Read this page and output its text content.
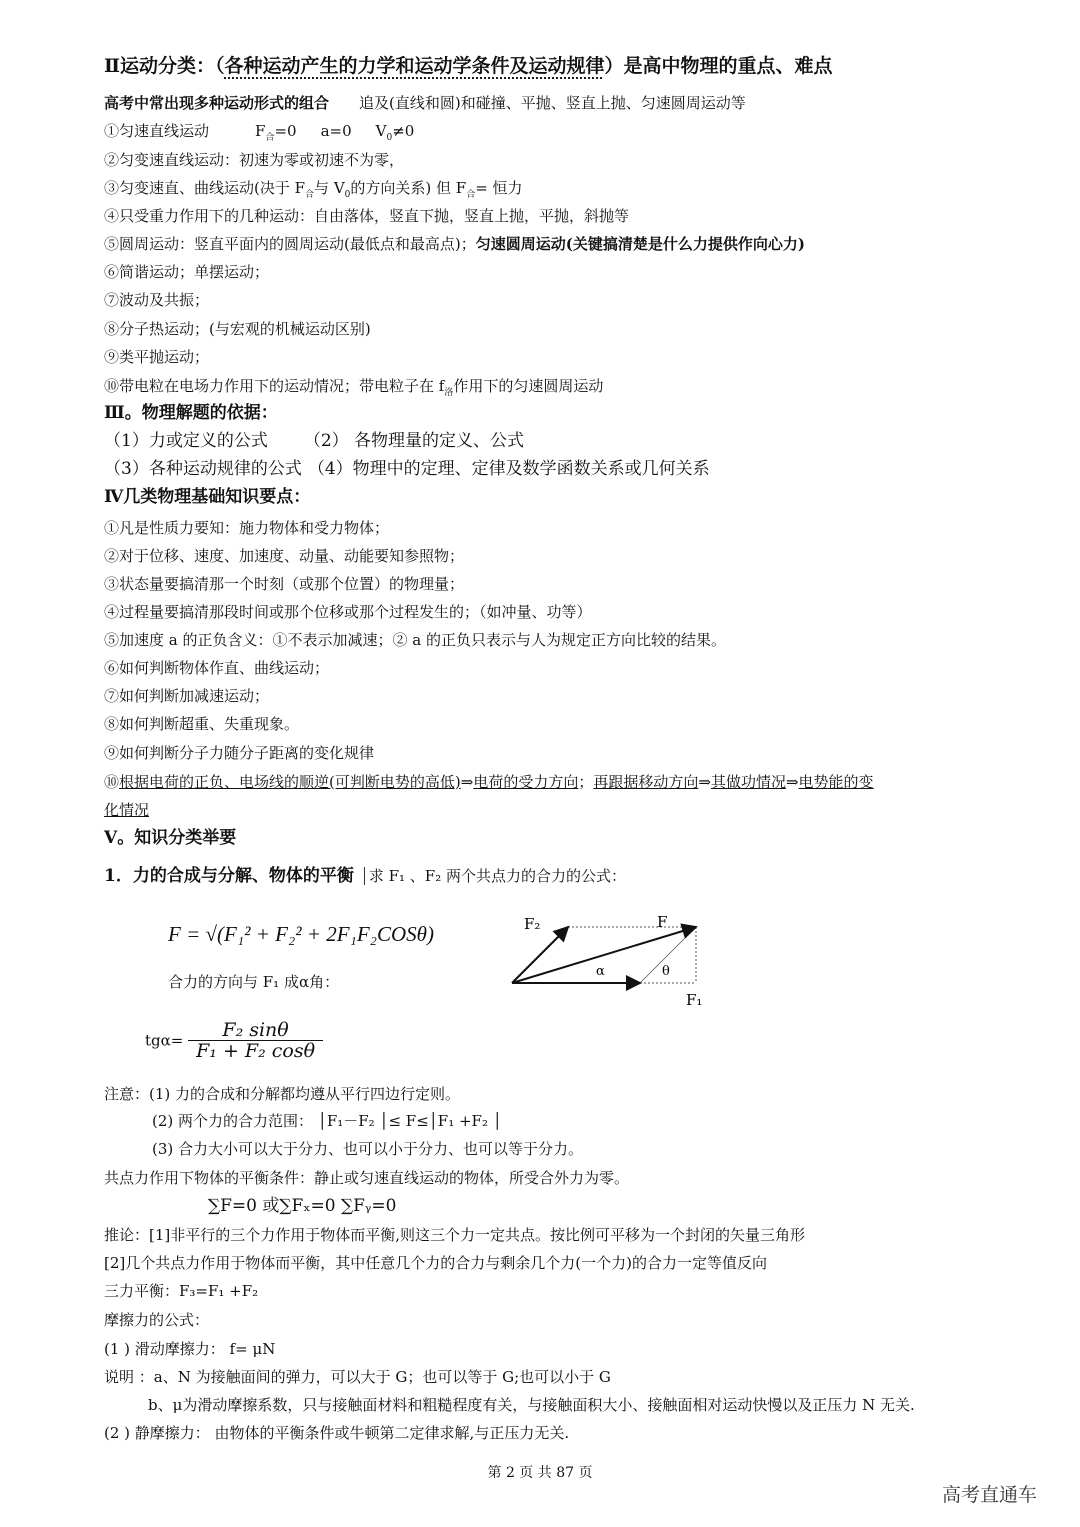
Ⅱ运动分类：（各种运动产生的力学和运动学条件及运动规律）是高中物理的重点、难点
高考中常出现多种运动形式的组合 追及(直线和圆)和碰撞、平抛、竖直上抛、匀速圆周运动等
①匀速直线运动	$F_合=0$ a=0 $V_0\ne 0$
②匀变速直线运动：初速为零或初速不为零，
③匀变速直、曲线运动(决于 $F_合$与 $V_0$的方向关系) 但 $F_合=$ 恒力
④只受重力作用下的几种运动：自由落体，竖直下抛，竖直上抛，平抛，斜抛等
⑤圆周运动：竖直平面内的圆周运动(最低点和最高点)；匀速圆周运动(关键搞清楚是什么力提供作向心力)
⑥简谐运动；单摆运动；
⑦波动及共振；
⑧分子热运动；(与宏观的机械运动区别)
⑨类平抛运动；
⑩带电粒在电场力作用下的运动情况；带电粒子在 $f_洛$作用下的匀速圆周运动
Ⅲ。物理解题的依据：
（1）力或定义的公式 （2） 各物理量的定义、公式
（3）各种运动规律的公式 （4）物理中的定理、定律及数学函数关系或几何关系
Ⅳ几类物理基础知识要点：
①凡是性质力要知：施力物体和受力物体；
②对于位移、速度、加速度、动量、动能要知参照物；
③状态量要搞清那一个时刻（或那个位置）的物理量；
④过程量要搞清那段时间或那个位移或那个过程发生的；（如冲量、功等）
⑤加速度 a 的正负含义：①不表示加减速；② a 的正负只表示与人为规定正方向比较的结果。
⑥如何判断物体作直、曲线运动；
⑦如何判断加减速运动；
⑧如何判断超重、失重现象。
⑨如何判断分子力随分子距离的变化规律
⑩根据电荷的正负、电场线的顺逆(可判断电势的高低)⇒电荷的受力方向；再跟据移动方向⇒其做功情况⇒电势能的变
化情况
V。知识分类举要
1．力的合成与分解、物体的平衡 求 F₁ 、F₂ 两个共点力的合力的公式：
F = √(F₁² + F₂² + 2F₁F₂COSθ)
合力的方向与 F₁ 成α角：
$tg\alpha= \frac{\text{F₂ sinθ}}{\text{F₁ + F₂ cosθ}}$
F₂	F
F₁
α	θ
注意：(1) 力的合成和分解都均遵从平行四边行定则。
(2) 两个力的合力范围： │F₁－F₂ │≤ F≤│F₁ +F₂ │
(3) 合力大小可以大于分力、也可以小于分力、也可以等于分力。
共点力作用下物体的平衡条件：静止或匀速直线运动的物体，所受合外力为零。
∑F=0 或∑Fₓ=0 ∑Fᵧ=0
推论：[1]非平行的三个力作用于物体而平衡,则这三个力一定共点。按比例可平移为一个封闭的矢量三角形
[2]几个共点力作用于物体而平衡，其中任意几个力的合力与剩余几个力(一个力)的合力一定等值反向
三力平衡：F₃=F₁ +F₂
摩擦力的公式：
(1 ) 滑动摩擦力： f= μN
说明 ：a、N 为接触面间的弹力，可以大于 G；也可以等于 G;也可以小于 G
b、μ为滑动摩擦系数，只与接触面材料和粗糙程度有关，与接触面积大小、接触面相对运动快慢以及正压力 N 无关.
(2 ) 静摩擦力： 由物体的平衡条件或牛顿第二定律求解,与正压力无关.
第 2 页 共 87 页
高考直通车
